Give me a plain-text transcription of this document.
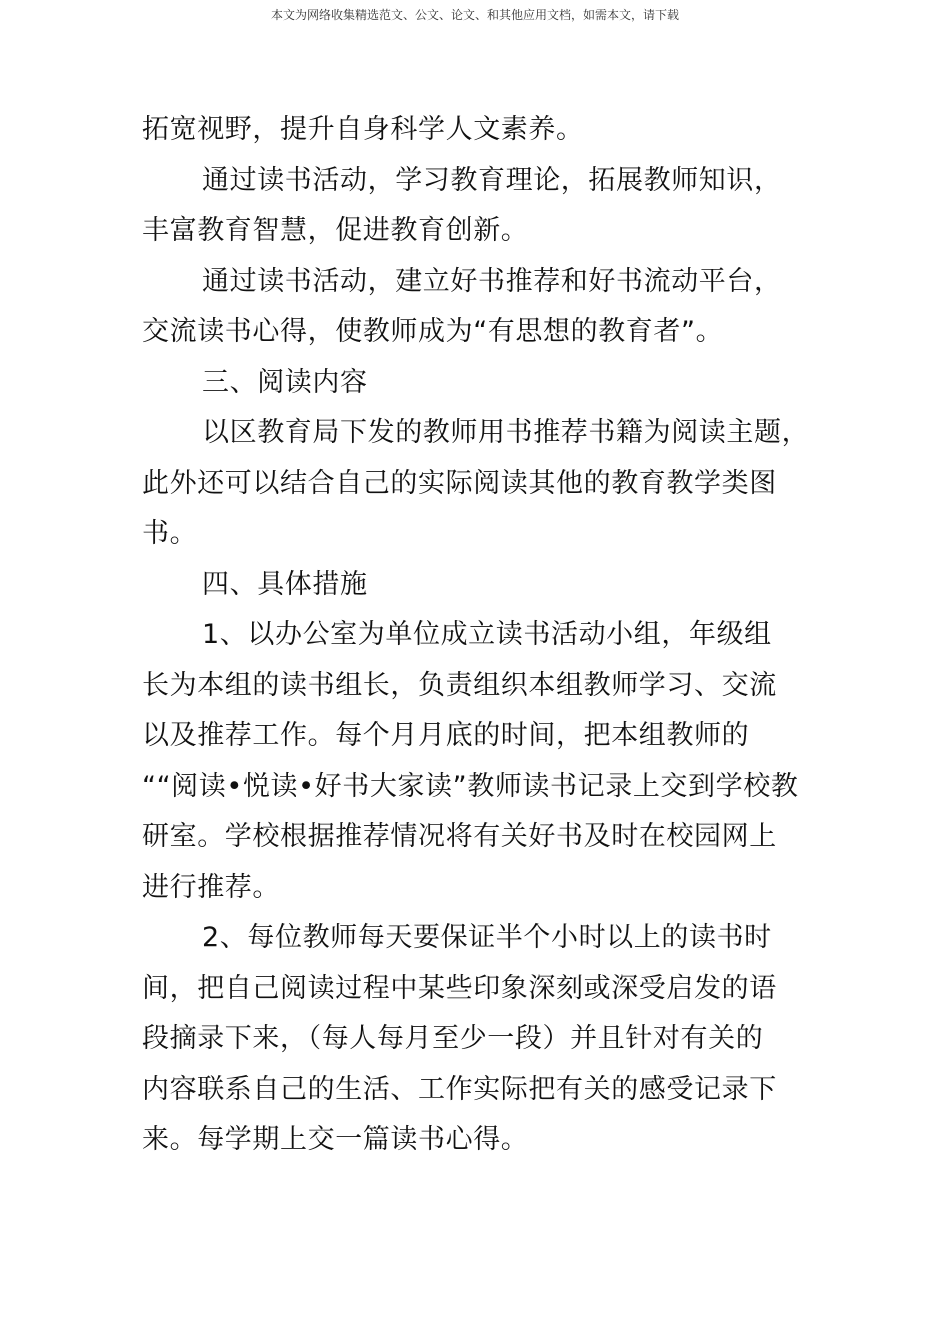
本文为网络收集精选范文、公文、论文、和其他应用文档，如需本文，请下载
拓宽视野，提升自身科学人文素养。
通过读书活动，学习教育理论，拓展教师知识，
丰富教育智慧，促进教育创新。
通过读书活动，建立好书推荐和好书流动平台，
交流读书心得，使教师成为“有思想的教育者”。
三、阅读内容
以区教育局下发的教师用书推荐书籍为阅读主题，
此外还可以结合自己的实际阅读其他的教育教学类图
书。
四、具体措施
1、以办公室为单位成立读书活动小组，年级组
长为本组的读书组长，负责组织本组教师学习、交流
以及推荐工作。每个月月底的时间，把本组教师的
““阅读•悦读•好书大家读”教师读书记录上交到学校教
研室。学校根据推荐情况将有关好书及时在校园网上
进行推荐。
2、每位教师每天要保证半个小时以上的读书时
间，把自己阅读过程中某些印象深刻或深受启发的语
段摘录下来，（每人每月至少一段）并且针对有关的
内容联系自己的生活、工作实际把有关的感受记录下
来。每学期上交一篇读书心得。
